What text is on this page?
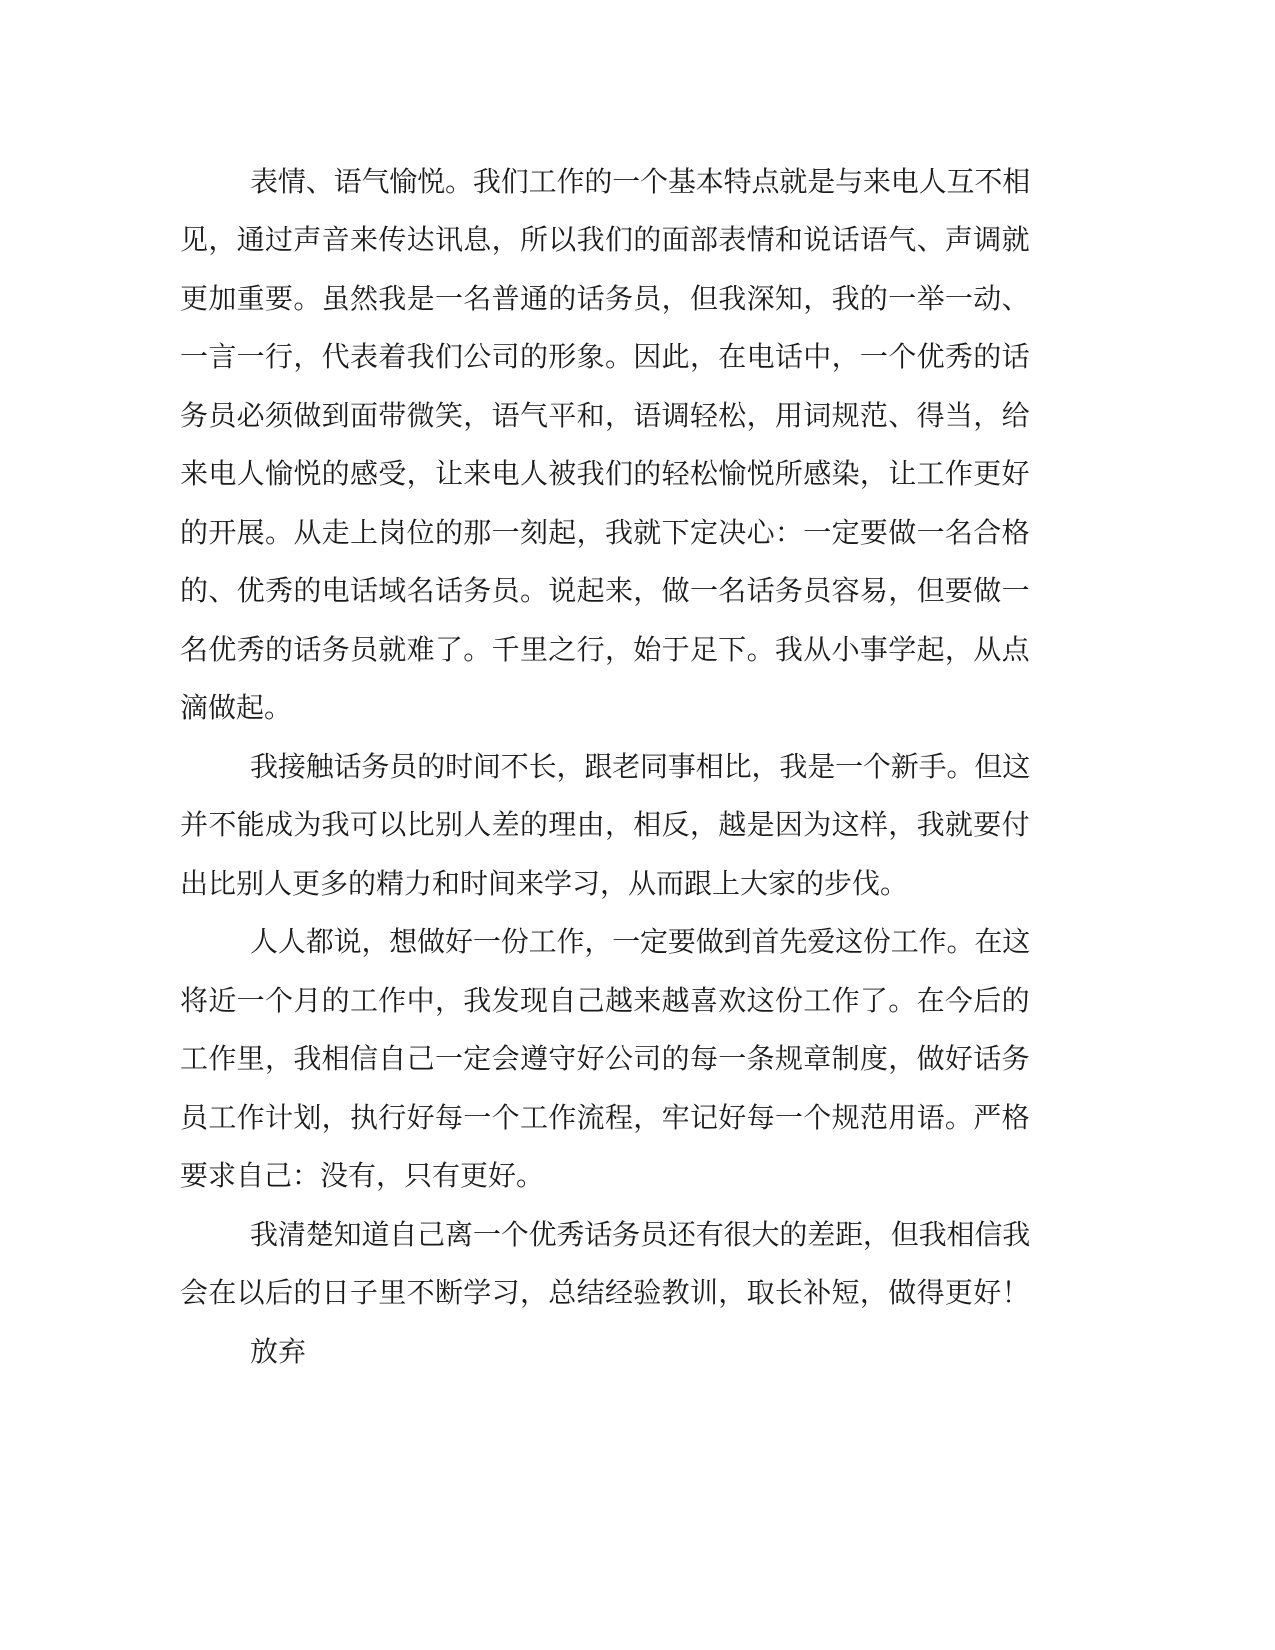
表情、语气愉悦。我们工作的一个基本特点就是与来电人互不相
见，通过声音来传达讯息，所以我们的面部表情和说话语气、声调就
更加重要。虽然我是一名普通的话务员，但我深知，我的一举一动、
一言一行，代表着我们公司的形象。因此，在电话中，一个优秀的话
务员必须做到面带微笑，语气平和，语调轻松，用词规范、得当，给
来电人愉悦的感受，让来电人被我们的轻松愉悦所感染，让工作更好
的开展。从走上岗位的那一刻起，我就下定决心：一定要做一名合格
的、优秀的电话域名话务员。说起来，做一名话务员容易，但要做一
名优秀的话务员就难了。千里之行，始于足下。我从小事学起，从点
滴做起。
我接触话务员的时间不长，跟老同事相比，我是一个新手。但这
并不能成为我可以比别人差的理由，相反，越是因为这样，我就要付
出比别人更多的精力和时间来学习，从而跟上大家的步伐。
人人都说，想做好一份工作，一定要做到首先爱这份工作。在这
将近一个月的工作中，我发现自己越来越喜欢这份工作了。在今后的
工作里，我相信自己一定会遵守好公司的每一条规章制度，做好话务
员工作计划，执行好每一个工作流程，牢记好每一个规范用语。严格
要求自己：没有，只有更好。
我清楚知道自己离一个优秀话务员还有很大的差距，但我相信我
会在以后的日子里不断学习，总结经验教训，取长补短，做得更好！
放弃
